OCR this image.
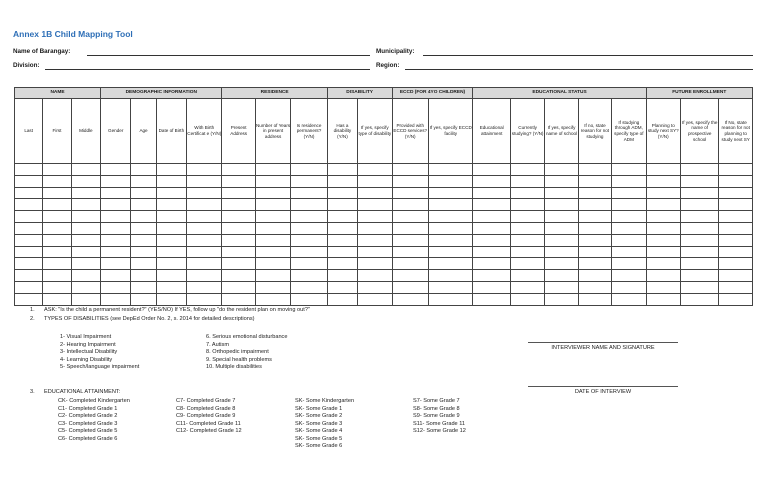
Annex 1B Child Mapping Tool
Name of Barangay:	Municipality:
Division:	Region:
NAME			DEMOGRAPHIC INFORMATION				RESIDENCE			DISABILITY		ECCD (FOR 4YO CHILDREN)		EDUCATIONAL STATUS					FUTURE ENROLLMENT		
Last	First	Middle	Gender	Age	Date of Birth	With Birth Certificat e (Y/N)	Present Address	Number of Years in present address	Is residence permanent? (Y/N)	Has a disability (Y/N)	If yes, specify type of disability	Provided with ECCD services? (Y/N)	If yes, specify ECCD facility	Educational attainment	Currently studying? (Y/N)	If yes, specify name of school	If no, state reason for not studying	If studying through ADM, specify type of ADM	Planning to study next SY? (Y/N)	If yes, specify the name of prospective school	If No, state reason for not planning to study next SY

1. ASK: "Is the child a permanent resident?" (YES/NO) If YES, follow up "do the resident plan on moving out?"
2. TYPES OF DISABILITIES (see DepEd Order No. 2, s. 2014 for detailed descriptions)
1- Visual Impairment
2- Hearing Impairment
3- Intellectual Disability
4- Learning Disability
5- Speech/language impairment
6. Serious emotional disturbance
7. Autism
8. Orthopedic impairment
9. Special health problems
10. Multiple disabilities
3. EDUCATIONAL ATTAINMENT:
CK- Completed Kindergarten
C1- Completed Grade 1
C2- Completed Grade 2
C3- Completed Grade 3
C5- Completed Grade 5
C6- Completed Grade 6
C7- Completed Grade 7
C8- Completed Grade 8
C9- Completed Grade 9
C11- Completed Grade 11
C12- Completed Grade 12
SK- Some Kindergarten
SK- Some Grade 1
SK- Some Grade 2
SK- Some Grade 3
SK- Some Grade 4
SK- Some Grade 5
SK- Some Grade 6
S7- Some Grade 7
S8- Some Grade 8
S9- Some Grade 9
S11- Some Grade 11
S12- Some Grade 12
INTERVIEWER NAME AND SIGNATURE
DATE OF INTERVIEW
